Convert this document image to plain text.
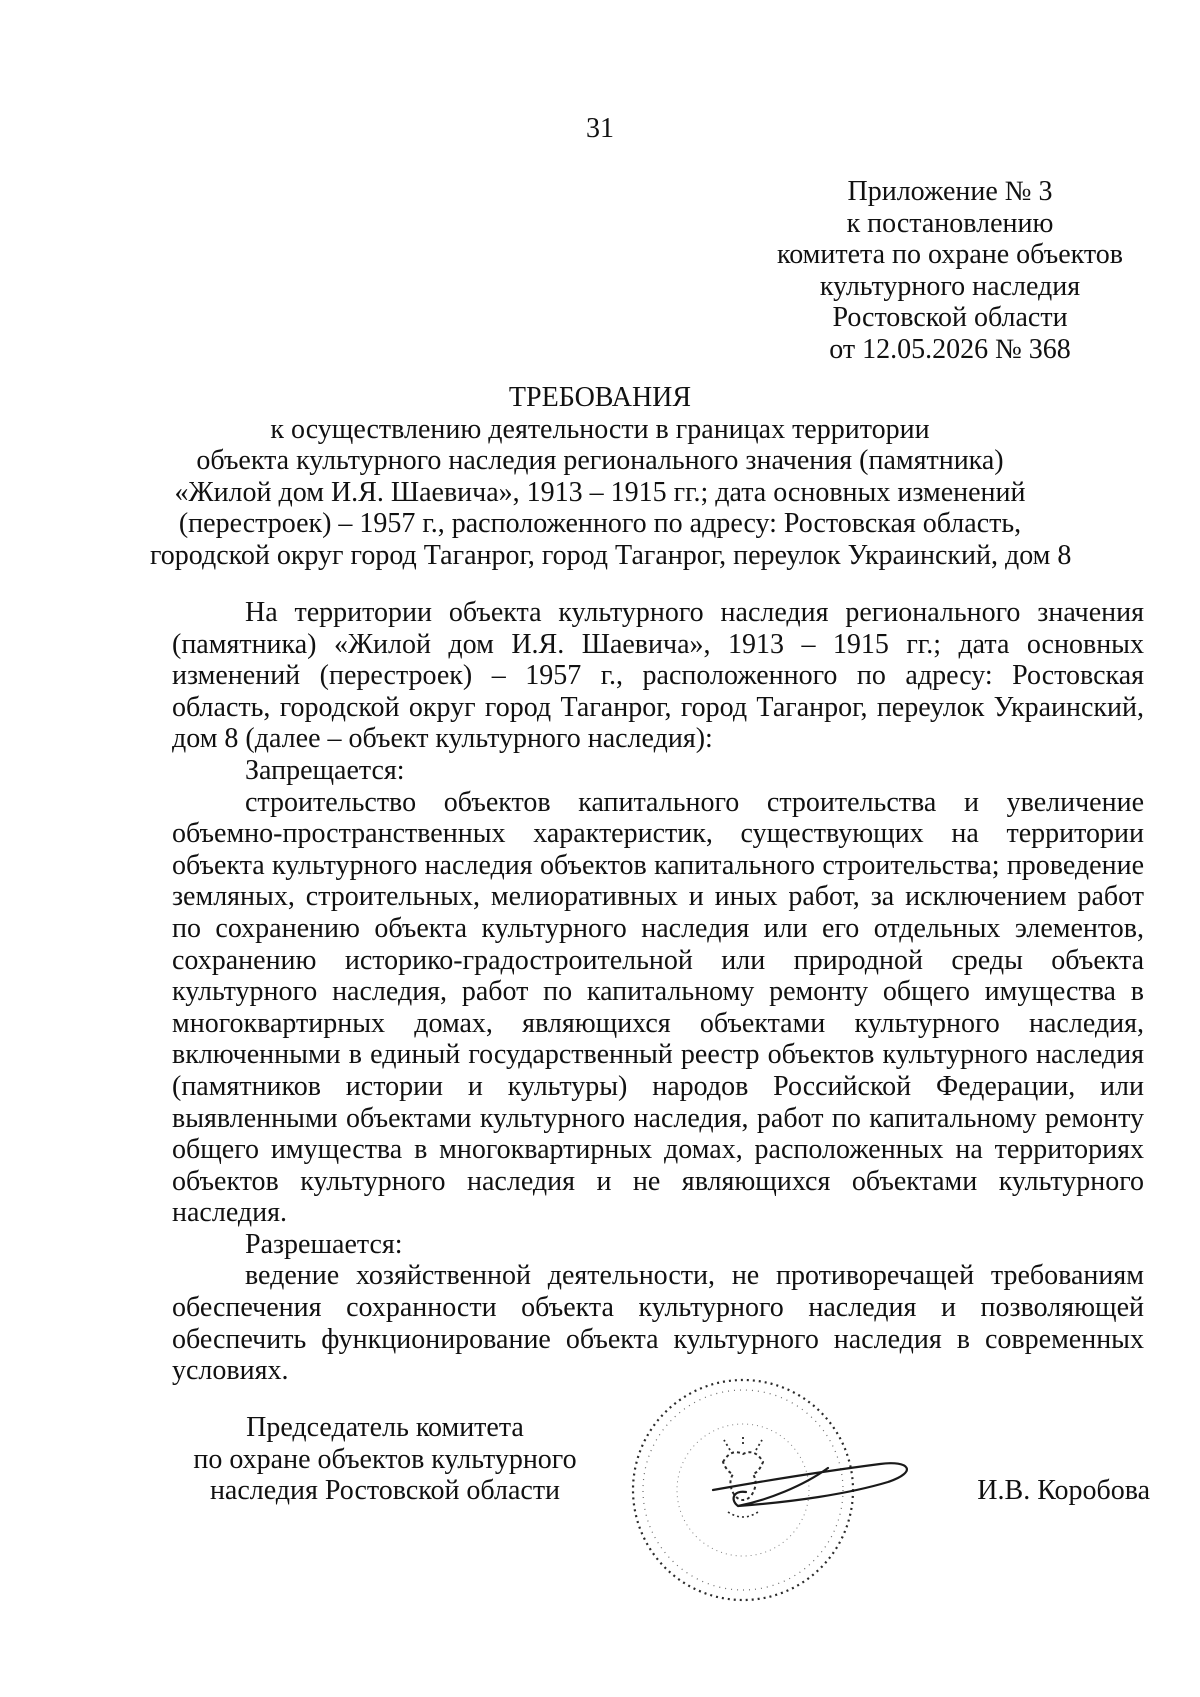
31
Приложение № 3
к постановлению
комитета по охране объектов
культурного наследия
Ростовской области
от 12.05.2026 № 368
ТРЕБОВАНИЯ
к осуществлению деятельности в границах территории
объекта культурного наследия регионального значения (памятника)
«Жилой дом И.Я. Шаевича», 1913 – 1915 гг.; дата основных изменений
(перестроек) – 1957 г., расположенного по адресу: Ростовская область,
городской округ город Таганрог, город Таганрог, переулок Украинский, дом 8

На территории объекта культурного наследия регионального значения (памятника) «Жилой дом И.Я. Шаевича», 1913 – 1915 гг.; дата основных изменений (перестроек) – 1957 г., расположенного по адресу: Ростовская область, городской округ город Таганрог, город Таганрог, переулок Украинский, дом 8 (далее – объект культурного наследия):

Запрещается:

строительство объектов капитального строительства и увеличение объемно-пространственных характеристик, существующих на территории объекта культурного наследия объектов капитального строительства; проведение земляных, строительных, мелиоративных и иных работ, за исключением работ по сохранению объекта культурного наследия или его отдельных элементов, сохранению историко-градостроительной или природной среды объекта культурного наследия, работ по капитальному ремонту общего имущества в многоквартирных домах, являющихся объектами культурного наследия, включенными в единый государственный реестр объектов культурного наследия (памятников истории и культуры) народов Российской Федерации, или выявленными объектами культурного наследия, работ по капитальному ремонту общего имущества в многоквартирных домах, расположенных на территориях объектов культурного наследия и не являющихся объектами культурного наследия.

Разрешается:

ведение хозяйственной деятельности, не противоречащей требованиям обеспечения сохранности объекта культурного наследия и позволяющей обеспечить функционирование объекта культурного наследия в современных условиях.

Председатель комитета
по охране объектов культурного
наследия Ростовской области	И.В. Коробова
